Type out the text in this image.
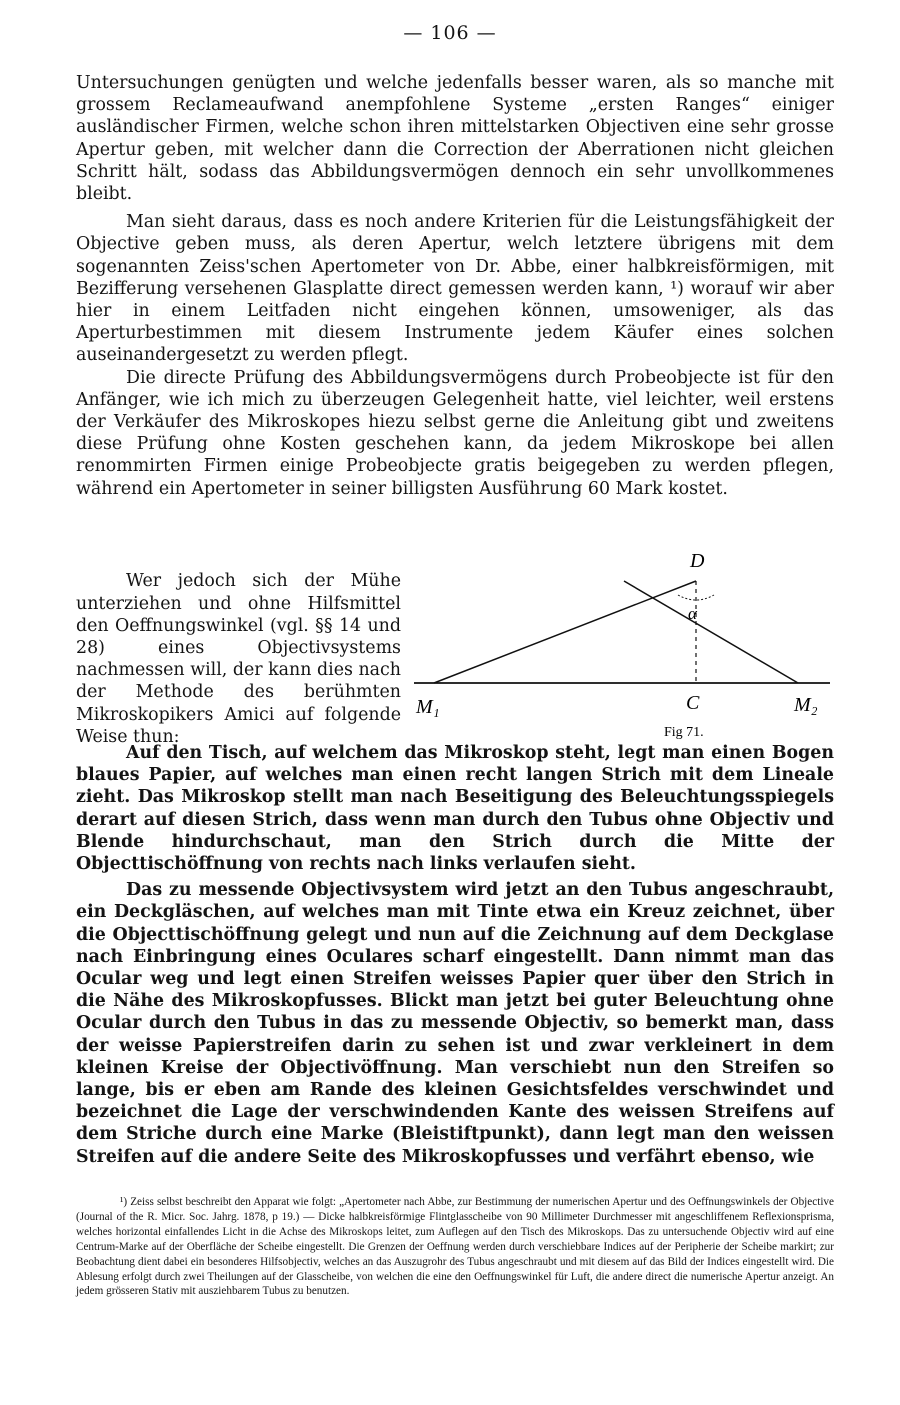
— 106 —

Untersuchungen genügten und welche jedenfalls besser waren, als so manche mit grossem Reclameaufwand anempfohlene Systeme „ersten Ranges“ einiger ausländischer Firmen, welche schon ihren mittelstarken Objectiven eine sehr grosse Apertur geben, mit welcher dann die Correction der Aberrationen nicht gleichen Schritt hält, sodass das Abbildungsvermögen dennoch ein sehr unvollkommenes bleibt.

Man sieht daraus, dass es noch andere Kriterien für die Leistungsfähigkeit der Objective geben muss, als deren Apertur, welch letztere übrigens mit dem sogenannten Zeiss'schen Apertometer von Dr. Abbe, einer halbkreisförmigen, mit Bezifferung versehenen Glasplatte direct gemessen werden kann, ¹) worauf wir aber hier in einem Leitfaden nicht eingehen können, umsoweniger, als das Aperturbestimmen mit diesem Instrumente jedem Käufer eines solchen auseinandergesetzt zu werden pflegt.

Die directe Prüfung des Abbildungsvermögens durch Probeobjecte ist für den Anfänger, wie ich mich zu überzeugen Gelegenheit hatte, viel leichter, weil erstens der Verkäufer des Mikroskopes hiezu selbst gerne die Anleitung gibt und zweitens diese Prüfung ohne Kosten geschehen kann, da jedem Mikroskope bei allen renommirten Firmen einige Probeobjecte gratis beigegeben zu werden pflegen, während ein Apertometer in seiner billigsten Ausführung 60 Mark kostet.

Wer jedoch sich der Mühe unterziehen und ohne Hilfsmittel den Oeffnungswinkel (vgl. §§ 14 und 28) eines Objectivsystems nachmessen will, der kann dies nach der Methode des berühmten Mikroskopikers Amici auf folgende Weise thun:

D
α
M₁	C	M₂
Fig 71.

Auf den Tisch, auf welchem das Mikroskop steht, legt man einen Bogen blaues Papier, auf welches man einen recht langen Strich mit dem Lineale zieht. Das Mikroskop stellt man nach Beseitigung des Beleuchtungsspiegels derart auf diesen Strich, dass wenn man durch den Tubus ohne Objectiv und Blende hindurchschaut, man den Strich durch die Mitte der Objecttischöffnung von rechts nach links verlaufen sieht.

Das zu messende Objectivsystem wird jetzt an den Tubus angeschraubt, ein Deckgläschen, auf welches man mit Tinte etwa ein Kreuz zeichnet, über die Objecttischöffnung gelegt und nun auf die Zeichnung auf dem Deckglase nach Einbringung eines Oculares scharf eingestellt. Dann nimmt man das Ocular weg und legt einen Streifen weisses Papier quer über den Strich in die Nähe des Mikroskopfusses. Blickt man jetzt bei guter Beleuchtung ohne Ocular durch den Tubus in das zu messende Objectiv, so bemerkt man, dass der weisse Papierstreifen darin zu sehen ist und zwar verkleinert in dem kleinen Kreise der Objectivöffnung. Man verschiebt nun den Streifen so lange, bis er eben am Rande des kleinen Gesichtsfeldes verschwindet und bezeichnet die Lage der verschwindenden Kante des weissen Streifens auf dem Striche durch eine Marke (Bleistiftpunkt), dann legt man den weissen Streifen auf die andere Seite des Mikroskopfusses und verfährt ebenso, wie

¹) Zeiss selbst beschreibt den Apparat wie folgt: „Apertometer nach Abbe, zur Bestimmung der numerischen Apertur und des Oeffnungswinkels der Objective (Journal of the R. Micr. Soc. Jahrg. 1878, p 19.) — Dicke halbkreisförmige Flintglasscheibe von 90 Millimeter Durchmesser mit angeschliffenem Reflexionsprisma, welches horizontal einfallendes Licht in die Achse des Mikroskops leitet, zum Auflegen auf den Tisch des Mikroskops. Das zu untersuchende Objectiv wird auf eine Centrum-Marke auf der Oberfläche der Scheibe eingestellt. Die Grenzen der Oeffnung werden durch verschiebbare Indices auf der Peripherie der Scheibe markirt; zur Beobachtung dient dabei ein besonderes Hilfsobjectiv, welches an das Auszugrohr des Tubus angeschraubt und mit diesem auf das Bild der Indices eingestellt wird. Die Ablesung erfolgt durch zwei Theilungen auf der Glasscheibe, von welchen die eine den Oeffnungswinkel für Luft, die andere direct die numerische Apertur anzeigt. An jedem grösseren Stativ mit ausziehbarem Tubus zu benutzen.
